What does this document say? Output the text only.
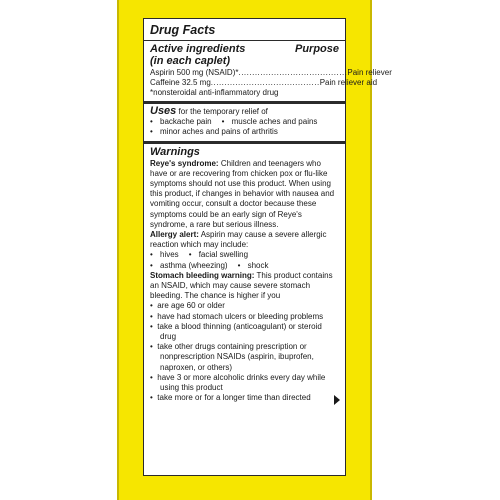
Drug Facts
Active ingredients	Purpose
(in each caplet)
Aspirin 500 mg (NSAID)* ........................................ Pain reliever
Caffeine 32.5 mg ........................................ Pain reliever aid
*nonsteroidal anti-inflammatory drug
Uses for the temporary relief of
• backache pain • muscle aches and pains
• minor aches and pains of arthritis
Warnings
Reye's syndrome: Children and teenagers who have or are recovering from chicken pox or flu-like symptoms should not use this product. When using this product, if changes in behavior with nausea and vomiting occur, consult a doctor because these symptoms could be an early sign of Reye's syndrome, a rare but serious illness.
Allergy alert: Aspirin may cause a severe allergic reaction which may include:
• hives • facial swelling
• asthma (wheezing) • shock
Stomach bleeding warning: This product contains an NSAID, which may cause severe stomach bleeding. The chance is higher if you
• are age 60 or older
• have had stomach ulcers or bleeding problems
• take a blood thinning (anticoagulant) or steroid drug
• take other drugs containing prescription or nonprescription NSAIDs (aspirin, ibuprofen, naproxen, or others)
• have 3 or more alcoholic drinks every day while using this product
• take more or for a longer time than directed
